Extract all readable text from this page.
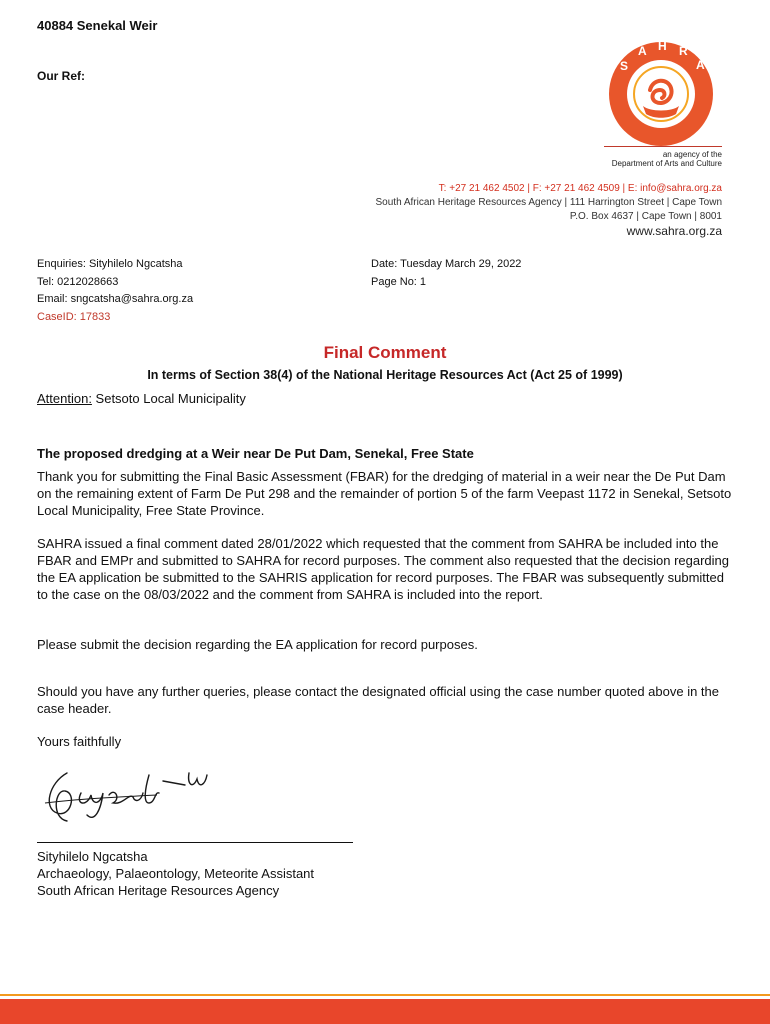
40884 Senekal Weir
Our Ref:
S
A H R
A
an agency of the
Department of Arts and Culture
T: +27 21 462 4502 | F: +27 21 462 4509 | E: info@sahra.org.za
South African Heritage Resources Agency | 111 Harrington Street | Cape Town
P.O. Box 4637 | Cape Town | 8001
www.sahra.org.za
Enquiries: Sityhilelo Ngcatsha
Tel: 0212028663
Email: sngcatsha@sahra.org.za
CaseID: 17833
Date: Tuesday March 29, 2022
Page No: 1
Final Comment
In terms of Section 38(4) of the National Heritage Resources Act (Act 25 of 1999)
Attention: Setsoto Local Municipality
The proposed dredging at a Weir near De Put Dam, Senekal, Free State
Thank you for submitting the Final Basic Assessment (FBAR) for the dredging of material in a weir near the De Put Dam on the remaining extent of Farm De Put 298 and the remainder of portion 5 of the farm Veepast 1172 in Senekal, Setsoto Local Municipality, Free State Province.
SAHRA issued a final comment dated 28/01/2022 which requested that the comment from SAHRA be included into the FBAR and EMPr and submitted to SAHRA for record purposes. The comment also requested that the decision regarding the EA application be submitted to the SAHRIS application for record purposes. The FBAR was subsequently submitted to the case on the 08/03/2022 and the comment from SAHRA is included into the report.
Please submit the decision regarding the EA application for record purposes.
Should you have any further queries, please contact the designated official using the case number quoted above in the case header.
Yours faithfully
Sityhilelo Ngcatsha
Archaeology, Palaeontology, Meteorite Assistant
South African Heritage Resources Agency
